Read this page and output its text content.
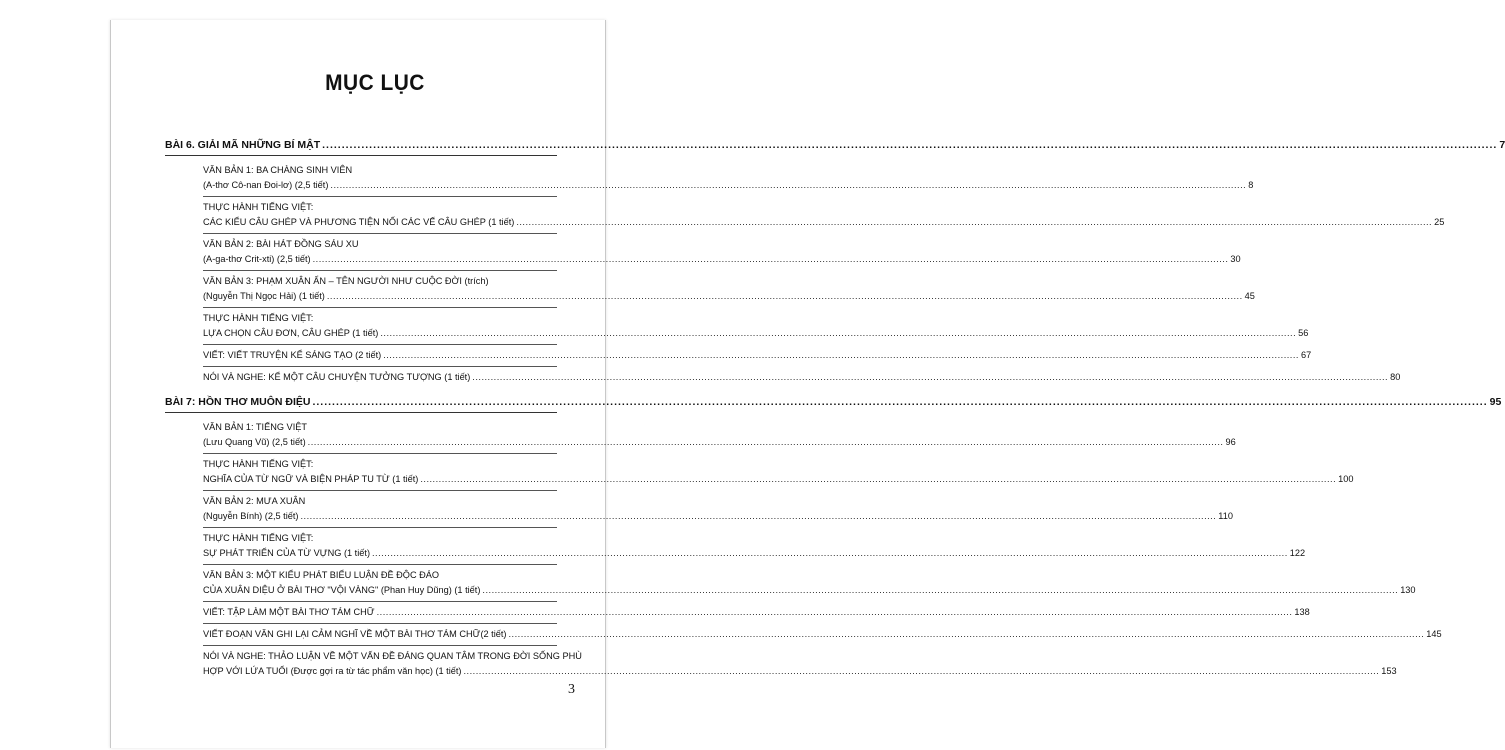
MỤC LỤC
BÀI 6. GIẢI MÃ NHỮNG BÍ MẬT ............................................................................................................................................................................................................................................................................................................ 7
VĂN BẢN 1: BA CHÀNG SINH VIÊN
(A-thơ Cô-nan Đoi-lơ) (2,5 tiết) ............................................................................................................................................................................................................................................................................................................ 8
THỰC HÀNH TIẾNG VIỆT:
CÁC KIỂU CÂU GHÉP VÀ PHƯƠNG TIỆN NỐI CÁC VẾ CÂU GHÉP (1 tiết) ............................................................................................................................................................................................................................................................................................................ 25
VĂN BẢN 2: BÀI HÁT ĐỒNG SÁU XU
(A-ga-thơ Crit-xti) (2,5 tiết) ............................................................................................................................................................................................................................................................................................................ 30
VĂN BẢN 3: PHẠM XUÂN ẨN – TÊN NGƯỜI NHƯ CUỘC ĐỜI (trích)
(Nguyễn Thị Ngọc Hải) (1 tiết) ............................................................................................................................................................................................................................................................................................................ 45
THỰC HÀNH TIẾNG VIỆT:
LỰA CHỌN CÂU ĐƠN, CÂU GHÉP (1 tiết) ............................................................................................................................................................................................................................................................................................................ 56
VIẾT: VIẾT TRUYỆN KỂ SÁNG TẠO (2 tiết) ............................................................................................................................................................................................................................................................................................................ 67
NÓI VÀ NGHE: KỂ MỘT CÂU CHUYỆN TƯỞNG TƯỢNG (1 tiết) ............................................................................................................................................................................................................................................................................................................ 80
BÀI 7: HỒN THƠ MUÔN ĐIỆU ............................................................................................................................................................................................................................................................................................................ 95
VĂN BẢN 1: TIẾNG VIỆT
(Lưu Quang Vũ) (2,5 tiết) ............................................................................................................................................................................................................................................................................................................ 96
THỰC HÀNH TIẾNG VIỆT:
NGHĨA CỦA TỪ NGỮ VÀ BIỆN PHÁP TU TỪ (1 tiết) ............................................................................................................................................................................................................................................................................................................ 100
VĂN BẢN 2: MƯA XUÂN
(Nguyễn Bính) (2,5 tiết) ............................................................................................................................................................................................................................................................................................................ 110
THỰC HÀNH TIẾNG VIỆT:
SỰ PHÁT TRIỂN CỦA TỪ VỰNG (1 tiết) ............................................................................................................................................................................................................................................................................................................ 122
VĂN BẢN 3: MỘT KIỂU PHÁT BIỂU LUẬN ĐỀ ĐỘC ĐÁO
CỦA XUÂN DIỆU Ở BÀI THƠ "VỘI VÀNG" (Phan Huy Dũng) (1 tiết) ............................................................................................................................................................................................................................................................................................................ 130
VIẾT: TẬP LÀM MỘT BÀI THƠ TÁM CHỮ ............................................................................................................................................................................................................................................................................................................ 138
VIẾT ĐOẠN VĂN GHI LẠI CẢM NGHĨ VỀ MỘT BÀI THƠ TÁM CHỮ(2 tiết) ............................................................................................................................................................................................................................................................................................................ 145
NÓI VÀ NGHE: THẢO LUẬN VỀ MỘT VẤN ĐỀ ĐÁNG QUAN TÂM TRONG ĐỜI SỐNG PHÙ
HỢP VỚI LỨA TUỔI (Được gợi ra từ tác phẩm văn học) (1 tiết) ............................................................................................................................................................................................................................................................................................................ 153
3
